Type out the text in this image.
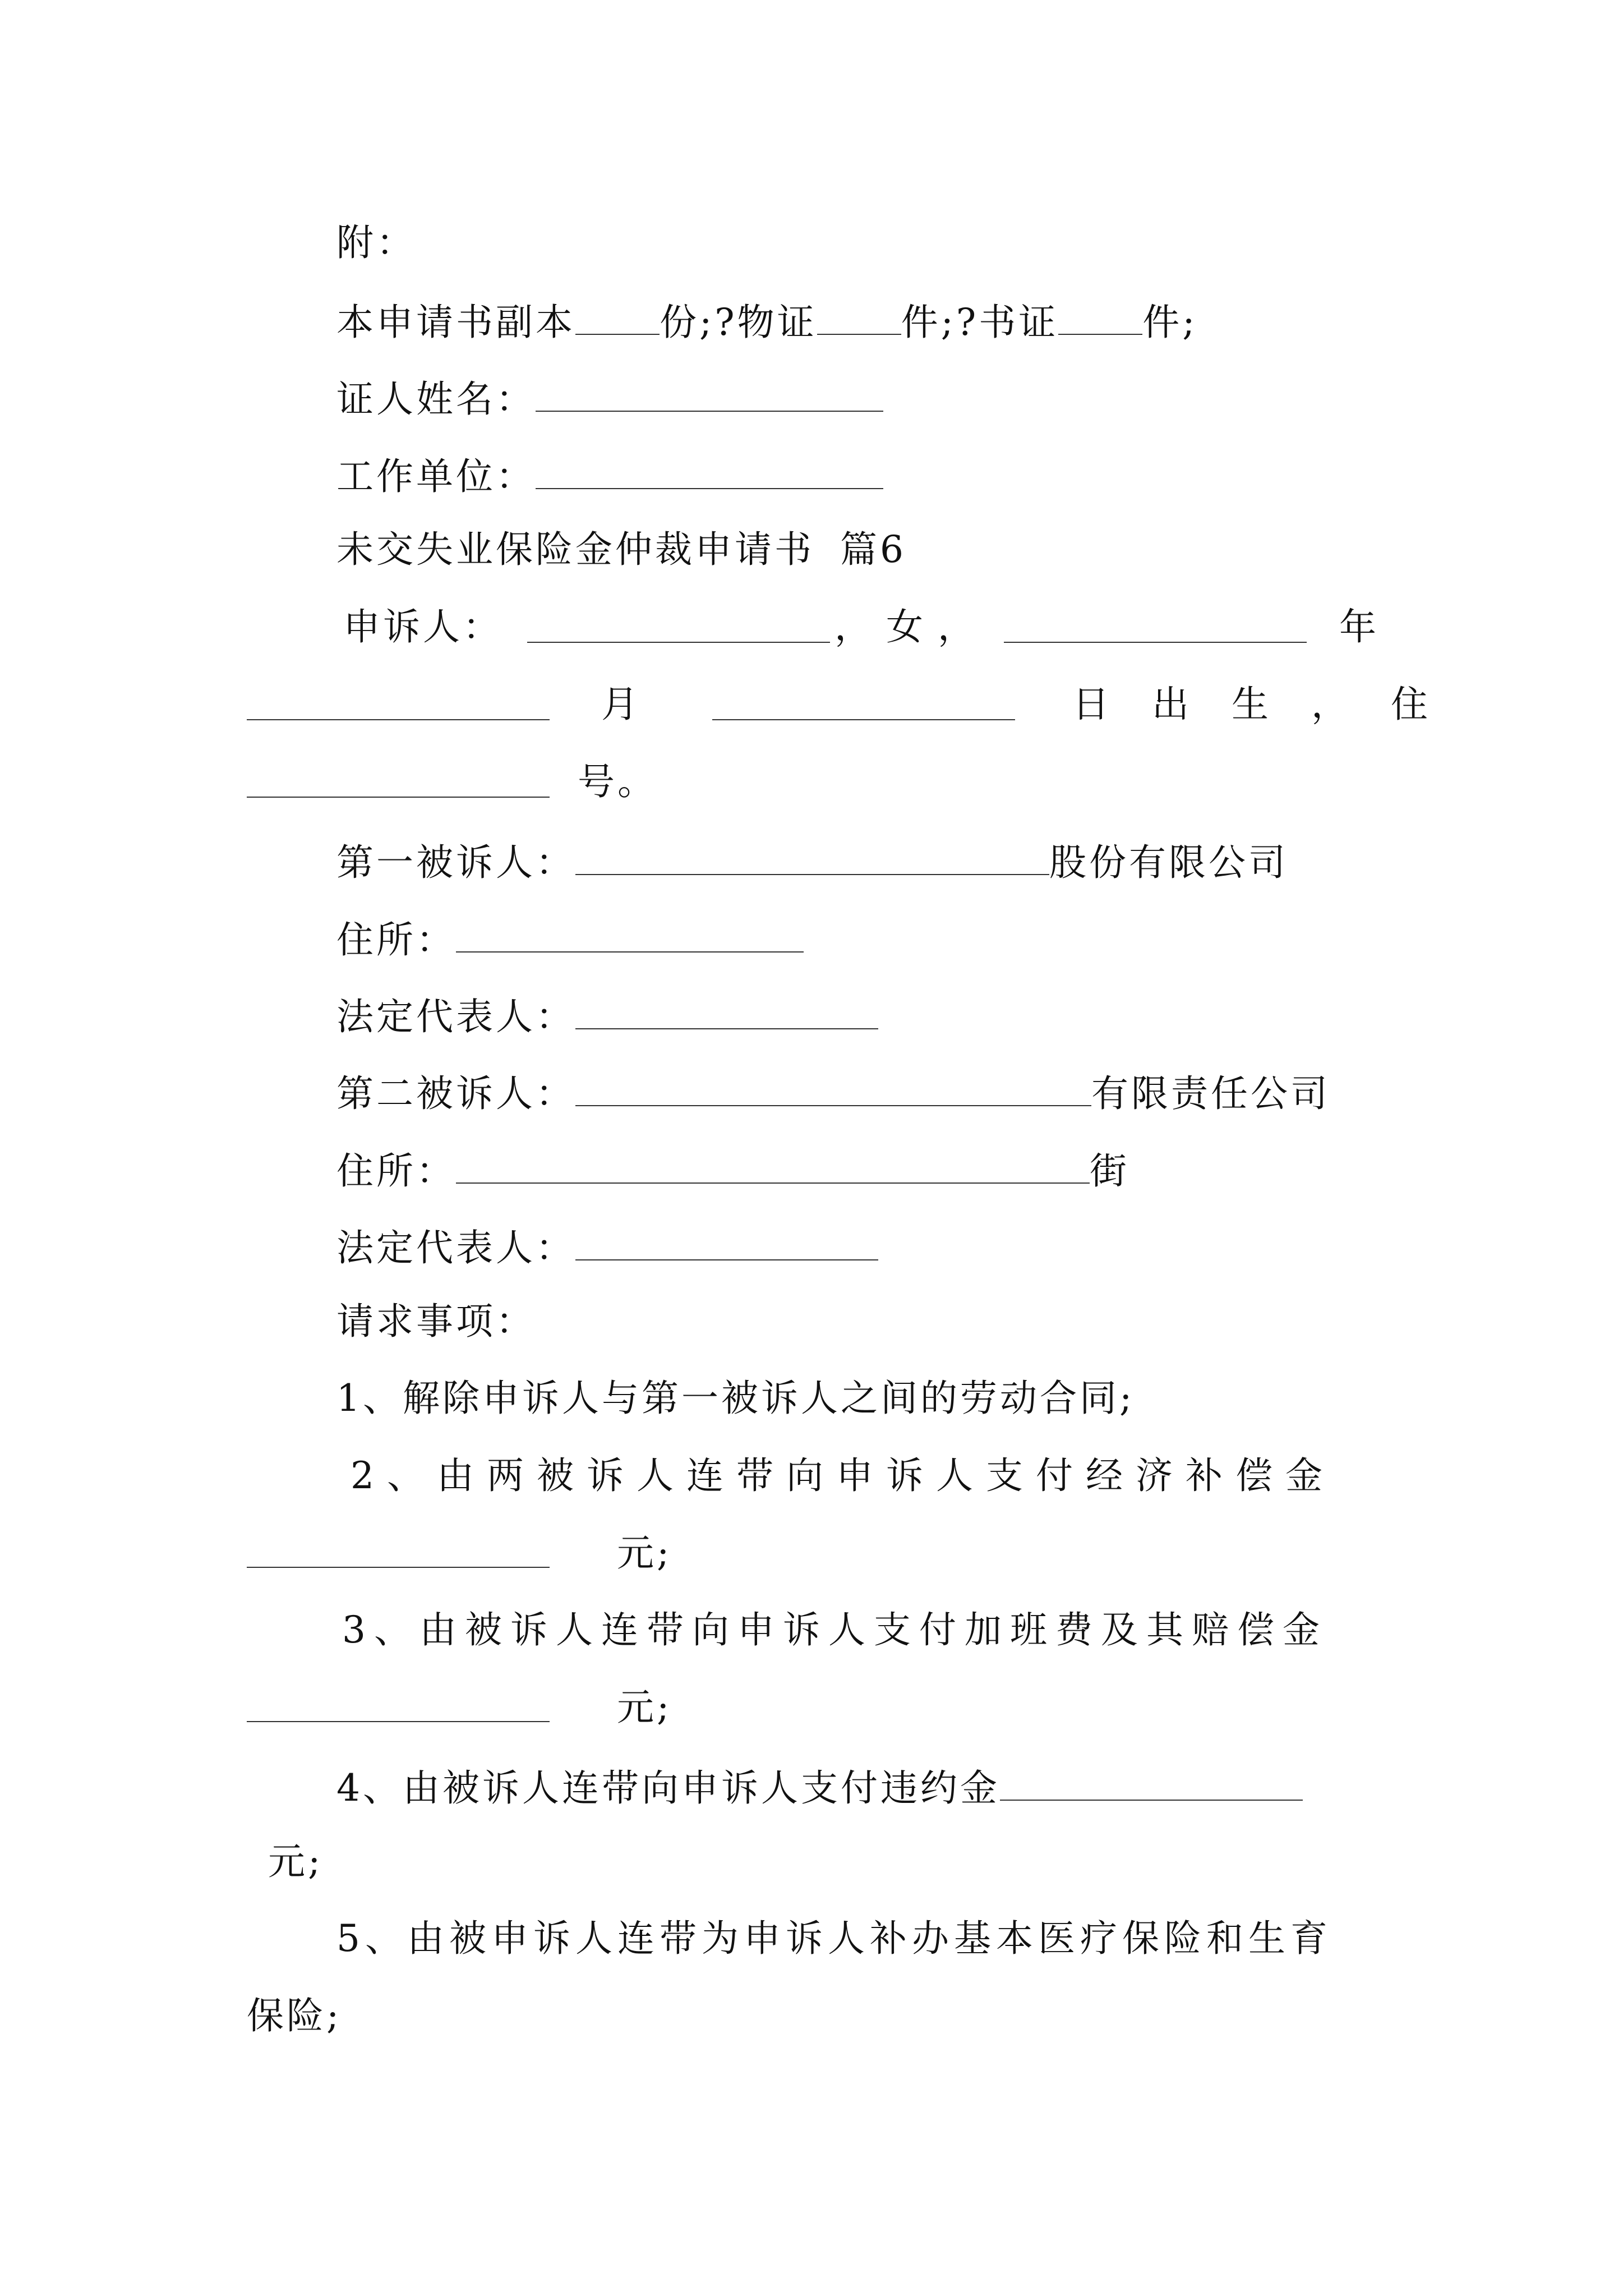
附：
本申请书副本 份;?物证 件;?书证 件;
证人姓名：
工作单位：
未交失业保险金仲裁申请书 篇6
申诉人：	，女，	年
月	日出生，住
号。
第一被诉人：	股份有限公司
住所：
法定代表人：
第二被诉人：	有限责任公司
住所：	街
法定代表人：
请求事项：
1、解除申诉人与第一被诉人之间的劳动合同;
2、由两被诉人连带向申诉人支付经济补偿金
元;
3、由被诉人连带向申诉人支付加班费及其赔偿金
元;
4、由被诉人连带向申诉人支付违约金
元;
5、由被申诉人连带为申诉人补办基本医疗保险和生育
保险;
